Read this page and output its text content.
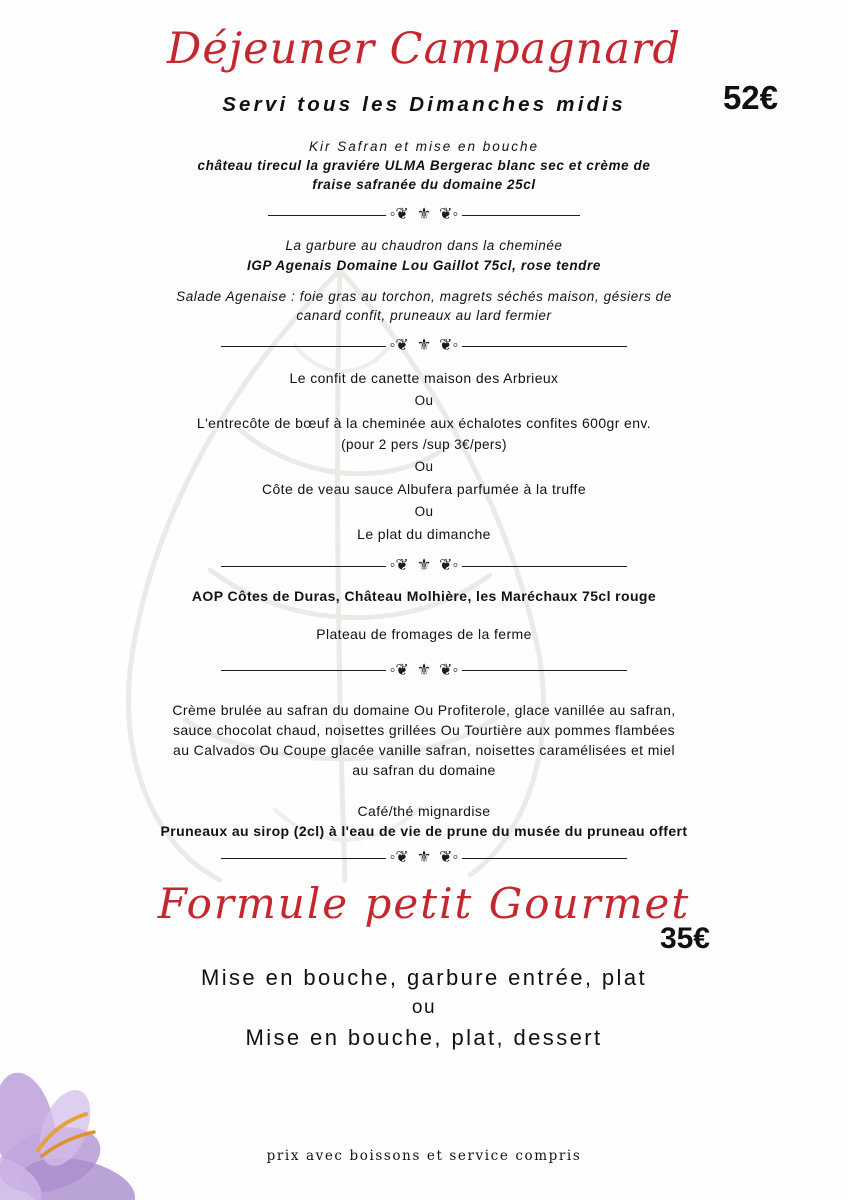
Déjeuner Campagnard
Servi tous les Dimanches midis	52€
Kir Safran et mise en bouche
château tirecul la graviére ULMA Bergerac blanc sec et crème de
fraise safranée du domaine 25cl
◦❦ ⚜ ❦◦
La garbure au chaudron dans la cheminée
IGP Agenais Domaine Lou Gaillot 75cl, rose tendre
Salade Agenaise : foie gras au torchon, magrets séchés maison, gésiers de
canard confit, pruneaux au lard fermier
◦❦ ⚜ ❦◦
Le confit de canette maison des Arbrieux
Ou
L'entrecôte de bœuf à la cheminée aux échalotes confites 600gr env.
(pour 2 pers /sup 3€/pers)
Ou
Côte de veau sauce Albufera parfumée à la truffe
Ou
Le plat du dimanche
◦❦ ⚜ ❦◦
AOP Côtes de Duras, Château Molhière, les Maréchaux 75cl rouge
Plateau de fromages de la ferme
◦❦ ⚜ ❦◦
Crème brulée au safran du domaine Ou Profiterole, glace vanillée au safran,
sauce chocolat chaud, noisettes grillées Ou Tourtière aux pommes flambées
au Calvados Ou Coupe glacée vanille safran, noisettes caramélisées et miel
au safran du domaine
Café/thé mignardise
Pruneaux au sirop (2cl) à l'eau de vie de prune du musée du pruneau offert
◦❦ ⚜ ❦◦
Formule petit Gourmet
35€
Mise en bouche, garbure entrée, plat
ou
Mise en bouche, plat, dessert
prix avec boissons et service compris
